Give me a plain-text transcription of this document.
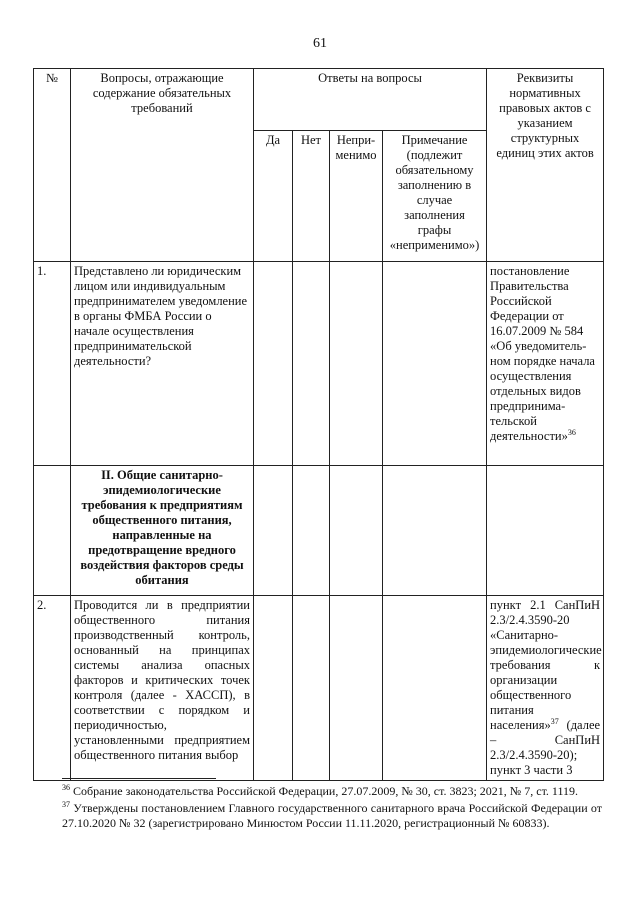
61
№	Вопросы, отражающие содержание обязательных требований	Ответы на вопросы				Реквизиты нормативных правовых актов с указанием структурных единиц этих актов
		Да	Нет	Непри-менимо	Примечание (подлежит обязательному заполнению в случае заполнения графы «неприменимо»)	
1.	Представлено ли юридическим лицом или индивидуальным предпринимателем уведомление в органы ФМБА России о начале осуществления предпринимательской деятельности?					постановление Правительства Российской Федерации от 16.07.2009 № 584 «Об уведомитель-ном порядке начала осуществления отдельных видов предпринима-тельской деятельности»$^{36}$
	II. Общие санитарно-эпидемиологические требования к предприятиям общественного питания, направленные на предотвращение вредного воздействия факторов среды обитания					
2.	Проводится ли в предприятии общественного питания производственный контроль, основанный на принципах системы анализа опасных факторов и критических точек контроля (далее - ХАССП), в соответствии с порядком и периодичностью, установленными предприятием общественного питания выбор					пункт 2.1 СанПиН 2.3/2.4.3590-20 «Санитарно-эпидемиологические требования к организации общественного питания населения»$^{37}$ (далее – СанПиН 2.3/2.4.3590-20); пункт 3 части 3

$^{36}$ Собрание законодательства Российской Федерации, 27.07.2009, № 30, ст. 3823; 2021, № 7, ст. 1119.

$^{37}$ Утверждены постановлением Главного государственного санитарного врача Российской Федерации от 27.10.2020 № 32 (зарегистрировано Минюстом России 11.11.2020, регистрационный № 60833).
